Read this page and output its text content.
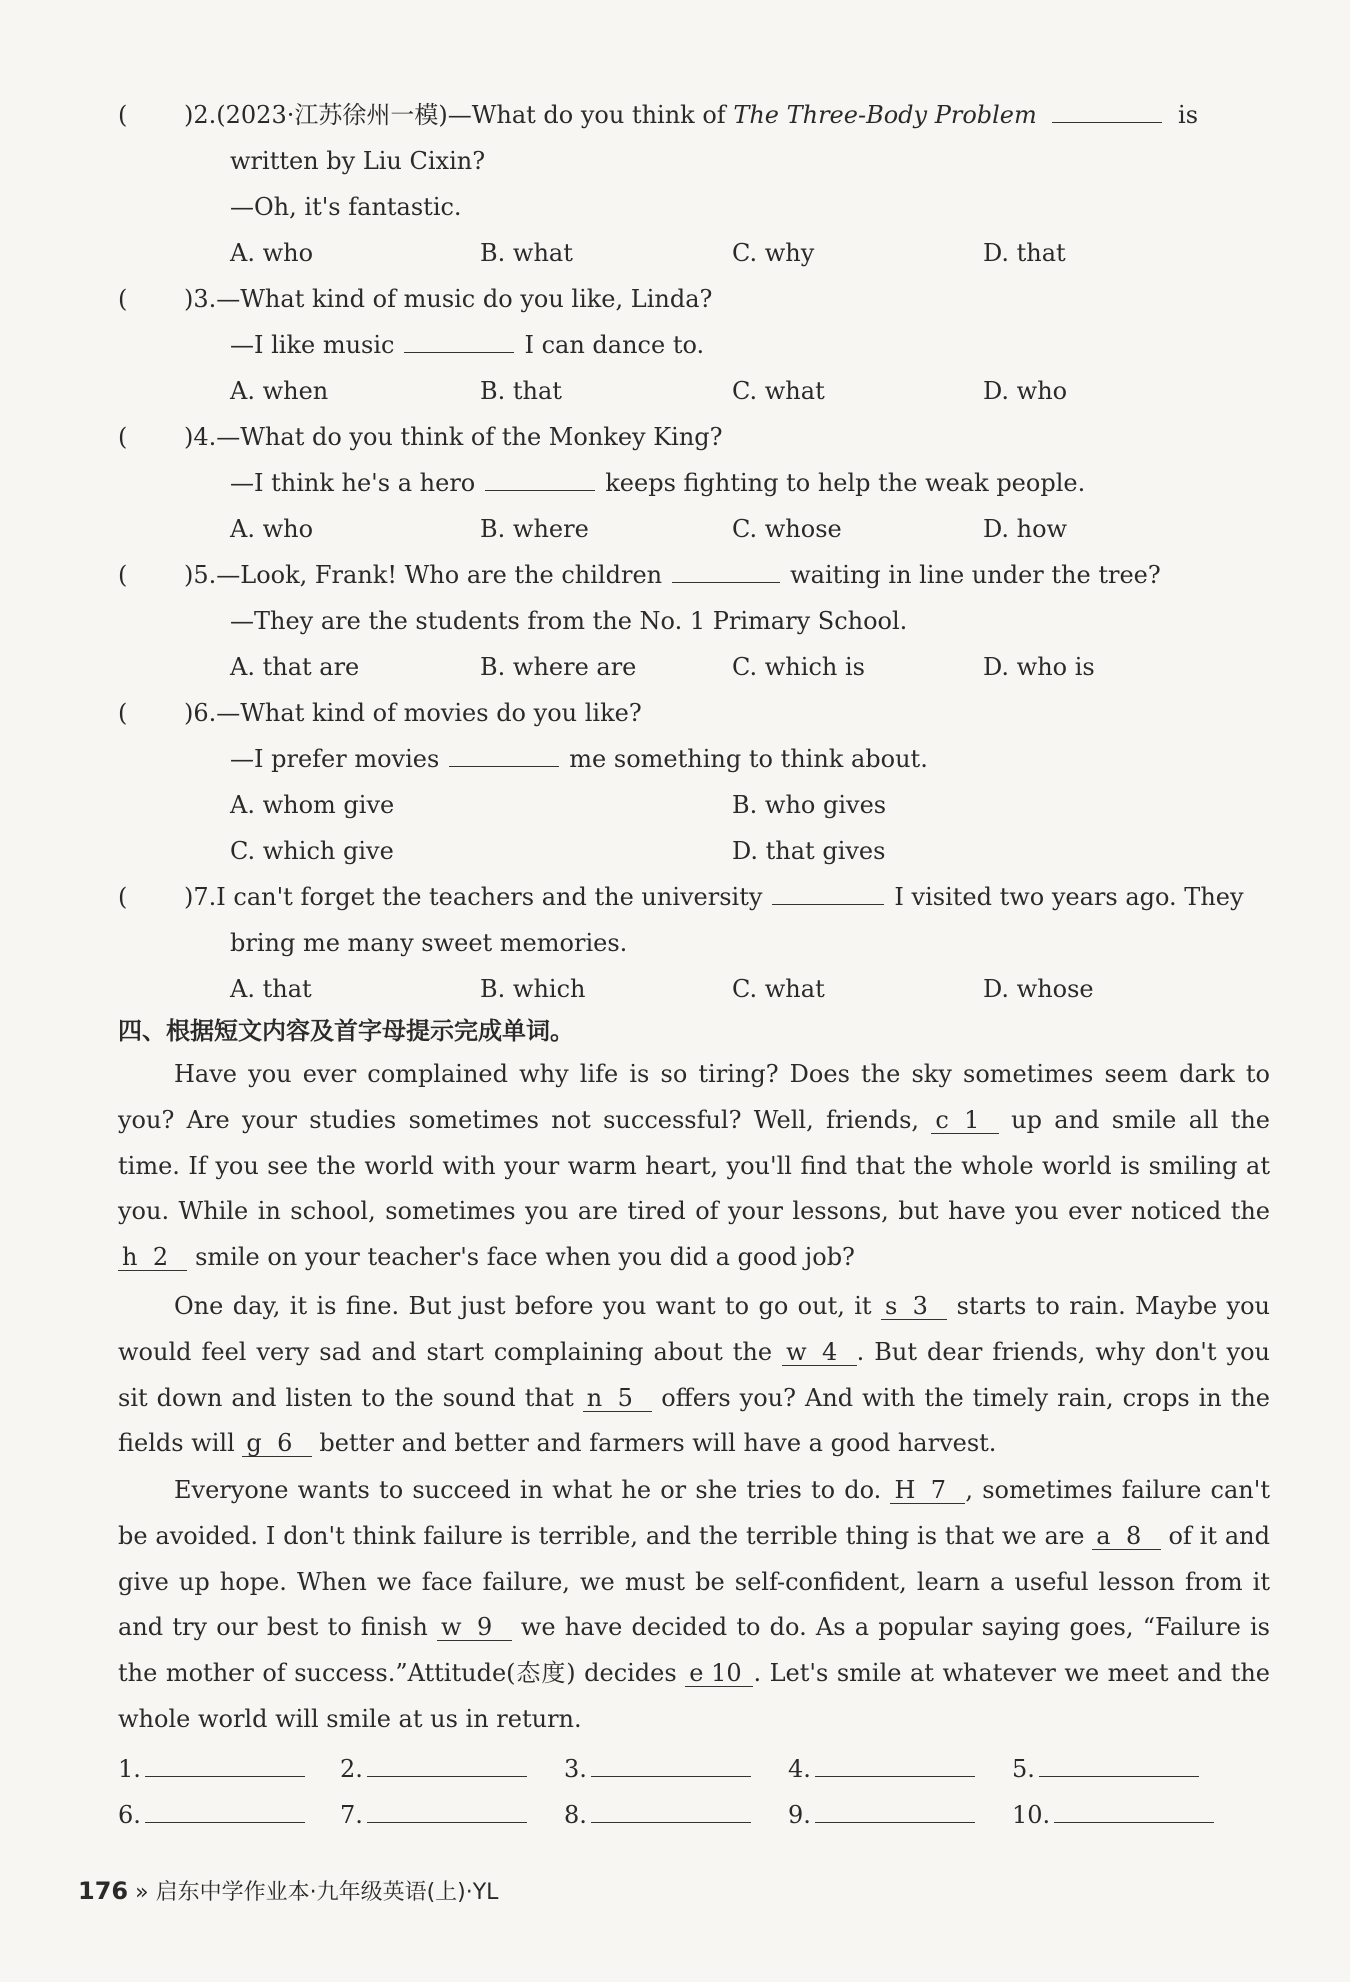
( )2.(2023·江苏徐州一模)—What do you think of The Three-Body Problem	is
written by Liu Cixin?
—Oh, it's fantastic.
A. who	B. what	C. why	D. that
( )3.—What kind of music do you like, Linda?
—I like music	I can dance to.
A. when	B. that	C. what	D. who
( )4.—What do you think of the Monkey King?
—I think he's a hero	keeps fighting to help the weak people.
A. who	B. where	C. whose	D. how
( )5.—Look, Frank! Who are the children	waiting in line under the tree?
—They are the students from the No. 1 Primary School.
A. that are	B. where are	C. which is	D. who is
( )6.—What kind of movies do you like?
—I prefer movies	me something to think about.
A. whom give	B. who gives
C. which give	D. that gives
( )7.I can't forget the teachers and the university	I visited two years ago. They
bring me many sweet memories.
A. that	B. which	C. what	D. whose
四、根据短文内容及首字母提示完成单词。
Have you ever complained why life is so tiring? Does the sky sometimes seem dark to you? Are your studies sometimes not successful? Well, friends, c 1 up and smile all the time. If you see the world with your warm heart, you'll find that the whole world is smiling at you. While in school, sometimes you are tired of your lessons, but have you ever noticed the h 2 smile on your teacher's face when you did a good job?
One day, it is fine. But just before you want to go out, it s 3 starts to rain. Maybe you would feel very sad and start complaining about the w 4 . But dear friends, why don't you sit down and listen to the sound that n 5 offers you? And with the timely rain, crops in the fields will g 6 better and better and farmers will have a good harvest.
Everyone wants to succeed in what he or she tries to do. H 7 , sometimes failure can't be avoided. I don't think failure is terrible, and the terrible thing is that we are a 8 of it and give up hope. When we face failure, we must be self-confident, learn a useful lesson from it and try our best to finish w 9 we have decided to do. As a popular saying goes, “Failure is the mother of success.”Attitude(态度) decides e 10 . Let's smile at whatever we meet and the whole world will smile at us in return.
1.	2.	3.	4.	5.
6.	7.	8.	9.	10.
176 » 启东中学作业本·九年级英语(上)·YL
